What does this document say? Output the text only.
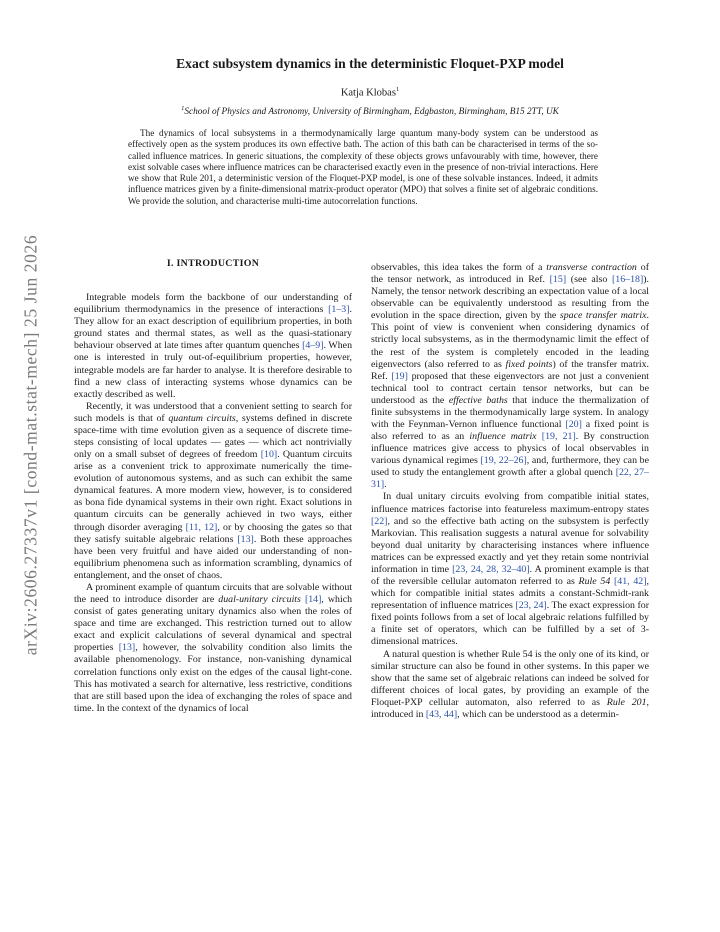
arXiv:2606.27337v1 [cond-mat.stat-mech] 25 Jun 2026
Exact subsystem dynamics in the deterministic Floquet-PXP model
Katja Klobas$^1$
$^1$School of Physics and Astronomy, University of Birmingham, Edgbaston, Birmingham, B15 2TT, UK

The dynamics of local subsystems in a thermodynamically large quantum many-body system can be understood as effectively open as the system produces its own effective bath. The action of this bath can be characterised in terms of the so-called influence matrices. In generic situations, the complexity of these objects grows unfavourably with time, however, there exist solvable cases where influence matrices can be characterised exactly even in the presence of non-trivial interactions. Here we show that Rule 201, a deterministic version of the Floquet-PXP model, is one of these solvable instances. Indeed, it admits influence matrices given by a finite-dimensional matrix-product operator (MPO) that solves a finite set of algebraic conditions. We provide the solution, and characterise multi-time autocorrelation functions.

I. INTRODUCTION

Integrable models form the backbone of our understanding of equilibrium thermodynamics in the presence of interactions [1–3]. They allow for an exact description of equilibrium properties, in both ground states and thermal states, as well as the quasi-stationary behaviour observed at late times after quantum quenches [4–9]. When one is interested in truly out-of-equilibrium properties, however, integrable models are far harder to analyse. It is therefore desirable to find a new class of interacting systems whose dynamics can be exactly described as well.

Recently, it was understood that a convenient setting to search for such models is that of quantum circuits, systems defined in discrete space-time with time evolution given as a sequence of discrete time-steps consisting of local updates — gates — which act nontrivially only on a small subset of degrees of freedom [10]. Quantum circuits arise as a convenient trick to approximate numerically the time-evolution of autonomous systems, and as such can exhibit the same dynamical features. A more modern view, however, is to considered as bona fide dynamical systems in their own right. Exact solutions in quantum circuits can be generally achieved in two ways, either through disorder averaging [11, 12], or by choosing the gates so that they satisfy suitable algebraic relations [13]. Both these approaches have been very fruitful and have aided our understanding of non-equilibrium phenomena such as information scrambling, dynamics of entanglement, and the onset of chaos.

A prominent example of quantum circuits that are solvable without the need to introduce disorder are dual-unitary circuits [14], which consist of gates generating unitary dynamics also when the roles of space and time are exchanged. This restriction turned out to allow exact and explicit calculations of several dynamical and spectral properties [13], however, the solvability condition also limits the available phenomenology. For instance, non-vanishing dynamical correlation functions only exist on the edges of the causal light-cone. This has motivated a search for alternative, less restrictive, conditions that are still based upon the idea of exchanging the roles of space and time. In the context of the dynamics of local

observables, this idea takes the form of a transverse contraction of the tensor network, as introduced in Ref. [15] (see also [16–18]). Namely, the tensor network describing an expectation value of a local observable can be equivalently understood as resulting from the evolution in the space direction, given by the space transfer matrix. This point of view is convenient when considering dynamics of strictly local subsystems, as in the thermodynamic limit the effect of the rest of the system is completely encoded in the leading eigenvectors (also referred to as fixed points) of the transfer matrix. Ref. [19] proposed that these eigenvectors are not just a convenient technical tool to contract certain tensor networks, but can be understood as the effective baths that induce the thermalization of finite subsystems in the thermodynamically large system. In analogy with the Feynman-Vernon influence functional [20] a fixed point is also referred to as an influence matrix [19, 21]. By construction influence matrices give access to physics of local observables in various dynamical regimes [19, 22–26], and, furthermore, they can be used to study the entanglement growth after a global quench [22, 27–31].

In dual unitary circuits evolving from compatible initial states, influence matrices factorise into featureless maximum-entropy states [22], and so the effective bath acting on the subsystem is perfectly Markovian. This realisation suggests a natural avenue for solvability beyond dual unitarity by characterising instances where influence matrices can be expressed exactly and yet they retain some nontrivial information in time [23, 24, 28, 32–40]. A prominent example is that of the reversible cellular automaton referred to as Rule 54 [41, 42], which for compatible initial states admits a constant-Schmidt-rank representation of influence matrices [23, 24]. The exact expression for fixed points follows from a set of local algebraic relations fulfilled by a finite set of operators, which can be fulfilled by a set of 3-dimensional matrices.

A natural question is whether Rule 54 is the only one of its kind, or similar structure can also be found in other systems. In this paper we show that the same set of algebraic relations can indeed be solved for different choices of local gates, by providing an example of the Floquet-PXP cellular automaton, also referred to as Rule 201, introduced in [43, 44], which can be understood as a determin-
